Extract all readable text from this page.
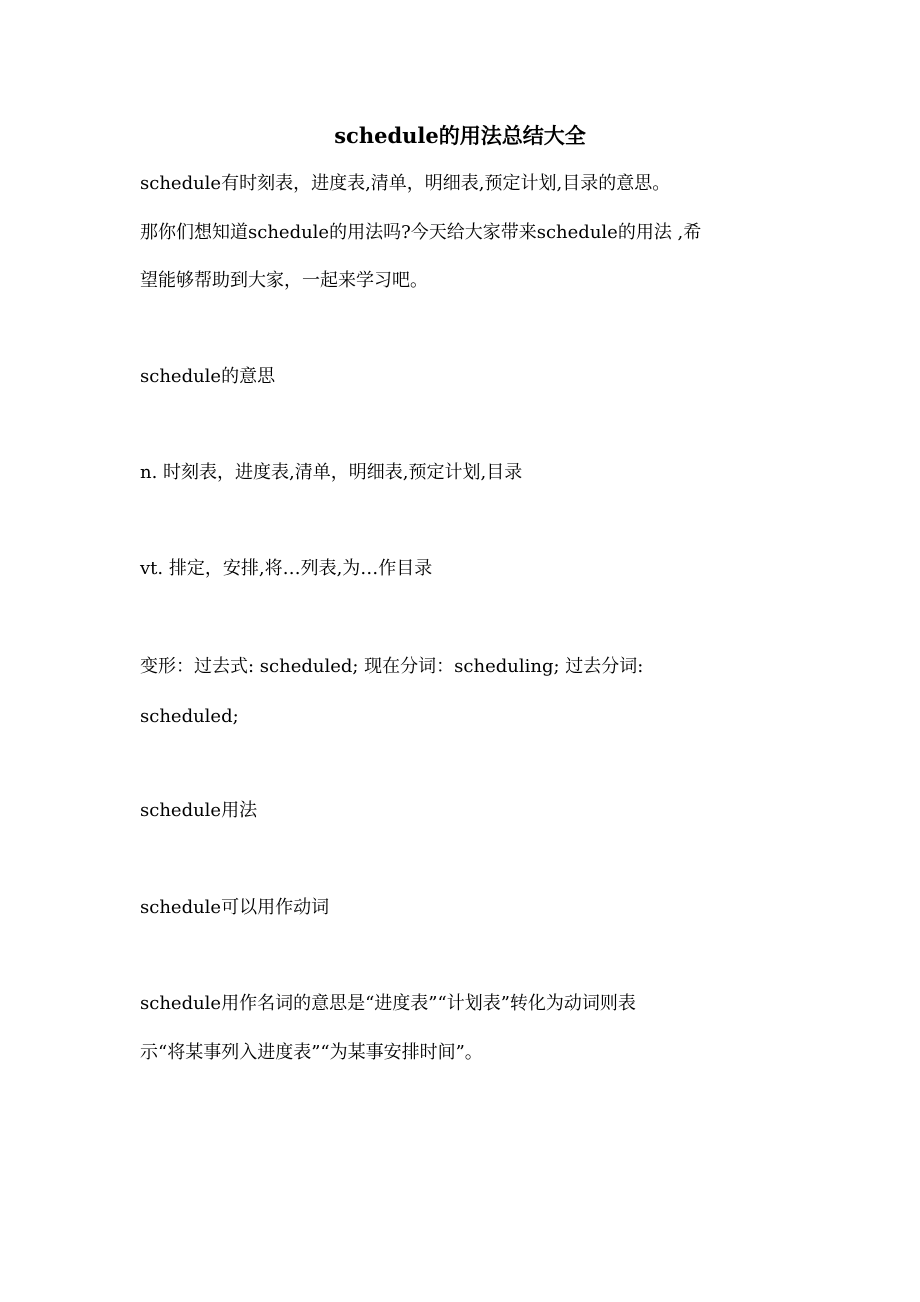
schedule的用法总结大全
schedule有时刻表，进度表,清单，明细表,预定计划,目录的意思。
那你们想知道schedule的用法吗?今天给大家带来schedule的用法 ,希
望能够帮助到大家，一起来学习吧。
schedule的意思
n. 时刻表，进度表,清单，明细表,预定计划,目录
vt. 排定，安排,将…列表,为…作目录
变形：过去式: scheduled; 现在分词：scheduling; 过去分词:
scheduled;
schedule用法
schedule可以用作动词
schedule用作名词的意思是“进度表”“计划表”转化为动词则表
示“将某事列入进度表”“为某事安排时间”。
